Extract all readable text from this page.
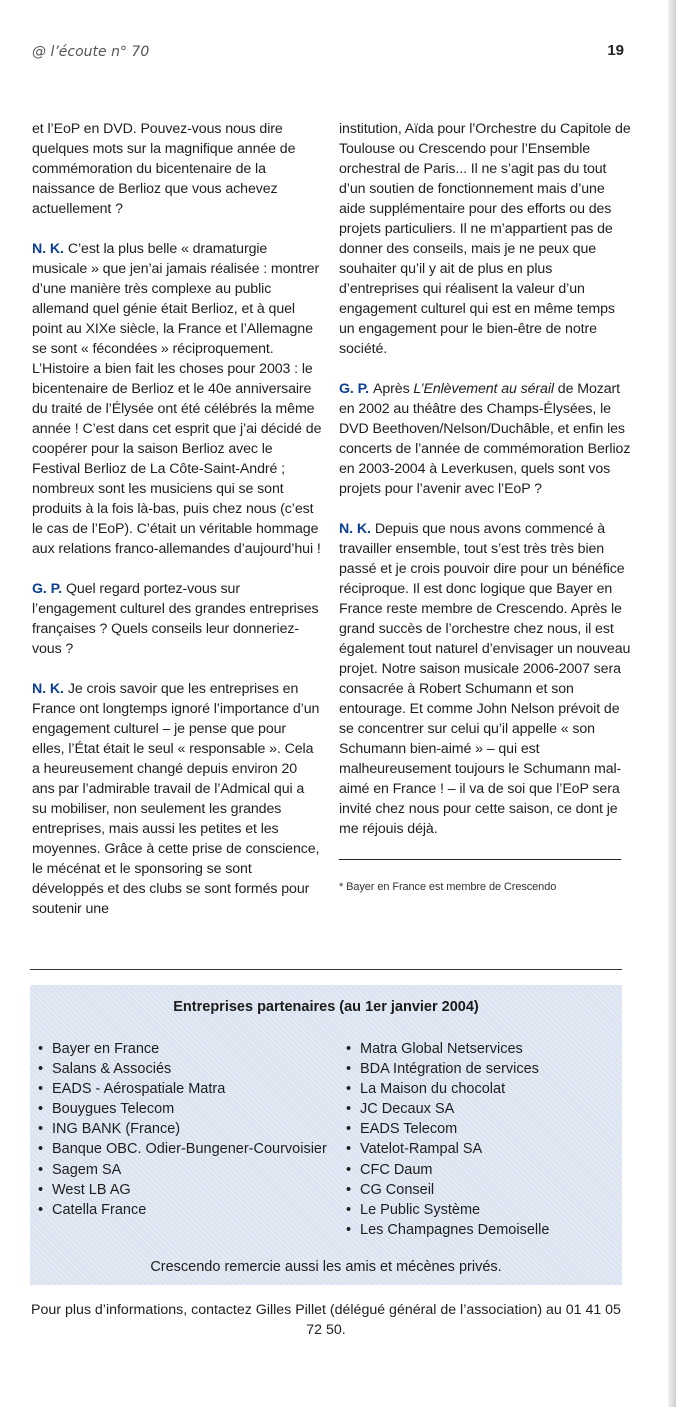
@ l’écoute n° 70	19

et l’EoP en DVD. Pouvez-vous nous dire quelques mots sur la magnifique année de commémoration du bicentenaire de la naissance de Berlioz que vous achevez actuellement ?

N. K. C’est la plus belle « dramaturgie musicale » que jen’ai jamais réalisée : montrer d’une manière très complexe au public allemand quel génie était Berlioz, et à quel point au XIXe siècle, la France et l’Allemagne se sont « fécondées » réciproquement. L’Histoire a bien fait les choses pour 2003 : le bicentenaire de Berlioz et le 40e anniversaire du traité de l’Élysée ont été célébrés la même année ! C’est dans cet esprit que j’ai décidé de coopérer pour la saison Berlioz avec le Festival Berlioz de La Côte-Saint-André ; nombreux sont les musiciens qui se sont produits à la fois là-bas, puis chez nous (c’est le cas de l’EoP). C’était un véritable hommage aux relations franco-allemandes d’aujourd’hui !

G. P. Quel regard portez-vous sur l’engagement culturel des grandes entreprises françaises ? Quels conseils leur donneriez-vous ?

N. K. Je crois savoir que les entreprises en France ont longtemps ignoré l’importance d’un engagement culturel – je pense que pour elles, l’État était le seul « responsable ». Cela a heureusement changé depuis environ 20 ans par l’admirable travail de l’Admical qui a su mobiliser, non seulement les grandes entreprises, mais aussi les petites et les moyennes. Grâce à cette prise de conscience, le mécénat et le sponsoring se sont développés et des clubs se sont formés pour soutenir une

institution, Aïda pour l’Orchestre du Capitole de Toulouse ou Crescendo pour l’Ensemble orchestral de Paris... Il ne s’agit pas du tout d’un soutien de fonctionnement mais d’une aide supplémentaire pour des efforts ou des projets particuliers. Il ne m’appartient pas de donner des conseils, mais je ne peux que souhaiter qu’il y ait de plus en plus d’entreprises qui réalisent la valeur d’un engagement culturel qui est en même temps un engagement pour le bien-être de notre société.

G. P. Après L’Enlèvement au sérail de Mozart en 2002 au théâtre des Champs-Élysées, le DVD Beethoven/Nelson/Duchâble, et enfin les concerts de l’année de commémoration Berlioz en 2003-2004 à Leverkusen, quels sont vos projets pour l’avenir avec l’EoP ?

N. K. Depuis que nous avons commencé à travailler ensemble, tout s’est très très bien passé et je crois pouvoir dire pour un bénéfice réciproque. Il est donc logique que Bayer en France reste membre de Crescendo. Après le grand succès de l’orchestre chez nous, il est également tout naturel d’envisager un nouveau projet. Notre saison musicale 2006-2007 sera consacrée à Robert Schumann et son entourage. Et comme John Nelson prévoit de se concentrer sur celui qu’il appelle « son Schumann bien-aimé » – qui est malheureusement toujours le Schumann mal-aimé en France ! – il va de soi que l’EoP sera invité chez nous pour cette saison, ce dont je me réjouis déjà.

* Bayer en France est membre de Crescendo
Entreprises partenaires (au 1er janvier 2004)
• Bayer en France
• Salans & Associés
• EADS - Aérospatiale Matra
• Bouygues Telecom
• ING BANK (France)
• Banque OBC. Odier-Bungener-Courvoisier
• Sagem SA
• West LB AG
• Catella France
• Matra Global Netservices
• BDA Intégration de services
• La Maison du chocolat
• JC Decaux SA
• EADS Telecom
• Vatelot-Rampal SA
• CFC Daum
• CG Conseil
• Le Public Système
• Les Champagnes Demoiselle
Crescendo remercie aussi les amis et mécènes privés.
Pour plus d’informations, contactez Gilles Pillet (délégué général de l’association) au 01 41 05 72 50.
